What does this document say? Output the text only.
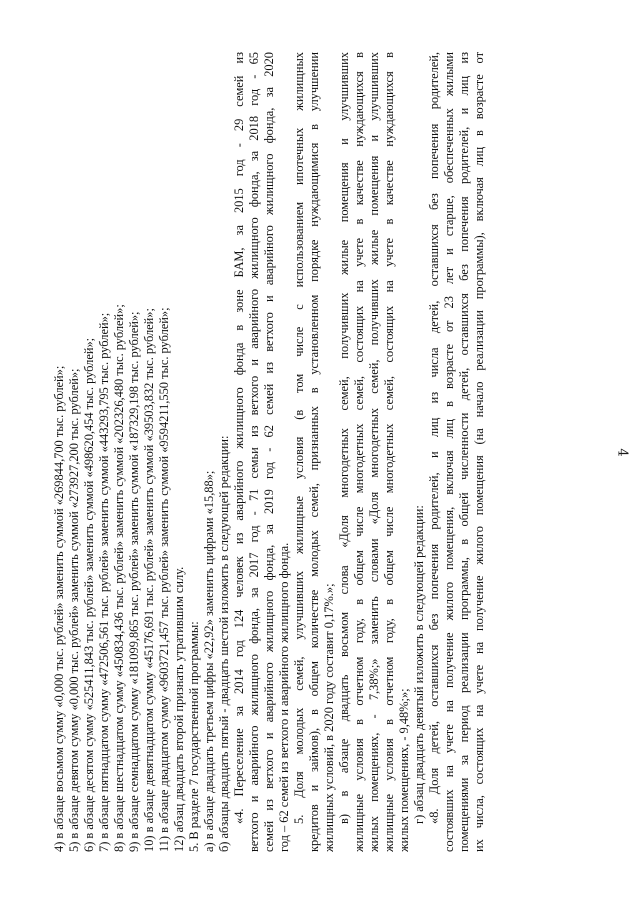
4
4) в абзаце восьмом сумму «0,000 тыс. рублей» заменить суммой «269844,700 тыс. рублей»; 5) в абзаце девятом сумму «0,000 тыс. рублей» заменить суммой «273927,200 тыс. рублей»; 6) в абзаце десятом сумму «525411,843 тыс. рублей» заменить суммой «498620,454 тыс. рублей»; 7) в абзаце пятнадцатом сумму «472506,561 тыс. рублей» заменить суммой «443293,795 тыс. рублей»; 8) в абзаце шестнадцатом сумму «450834,436 тыс. рублей» заменить суммой «202326,480 тыс. рублей»; 9) в абзаце семнадцатом сумму «181099,865 тыс. рублей» заменить суммой «187329,198 тыс. рублей»; 10) в абзаце девятнадцатом сумму «45176,691 тыс. рублей» заменить суммой «39503,832 тыс. рублей»; 11) в абзаце двадцатом сумму «9603721,457 тыс. рублей» заменить суммой «9594211,550 тыс. рублей»; 12) абзац двадцать второй признать утратившим силу. 5. В разделе 7 государственной программы: а) в абзаце двадцать третьем цифры «22,92» заменить цифрами «15,88»; б) абзацы двадцать пятый - двадцать шестой изложить в следующей редакции: «4. Переселение за 2014 год 124 человек из аварийного жилищного фонда в зоне БАМ, за 2015 год - 29 семей из ветхого и аварийного жилищного фонда, за 2017 год - 71 семьи из ветхого и аварийного жилищного фонда, за 2018 год - 65 семей из ветхого и аварийного жилищного фонда, за 2019 год - 62 семей из ветхого и аварийного жилищного фонда, за 2020 год – 62 семей из ветхого и аварийного жилищного фонда. 5. Доля молодых семей, улучшивших жилищные условия (в том числе с использованием ипотечных жилищных кредитов и займов), в общем количестве молодых семей, признанных в установленном порядке нуждающимися в улучшении жилищных условий, в 2020 году составит 0,17%.»; в) в абзаце двадцать восьмом слова «Доля многодетных семей, получивших жилые помещения и улучшивших жилищные условия в отчетном году, в общем числе многодетных семей, состоящих на учете в качестве нуждающихся в жилых помещениях, - 7,38%;» заменить словами «Доля многодетных семей, получивших жилые помещения и улучшивших жилищные условия в отчетном году, в общем числе многодетных семей, состоящих на учете в качестве нуждающихся в жилых помещениях, - 9,48%;»; г) абзац двадцать девятый изложить в следующей редакции: «8. Доля детей, оставшихся без попечения родителей, и лиц из числа детей, оставшихся без попечения родителей, состоявших на учете на получение жилого помещения, включая лиц в возрасте от 23 лет и старше, обеспеченных жилыми помещениями за период реализации программы, в общей численности детей, оставшихся без попечения родителей, и лиц из их числа, состоящих на учете на получение жилого помещения (на начало реализации программы), включая лиц в возрасте от
